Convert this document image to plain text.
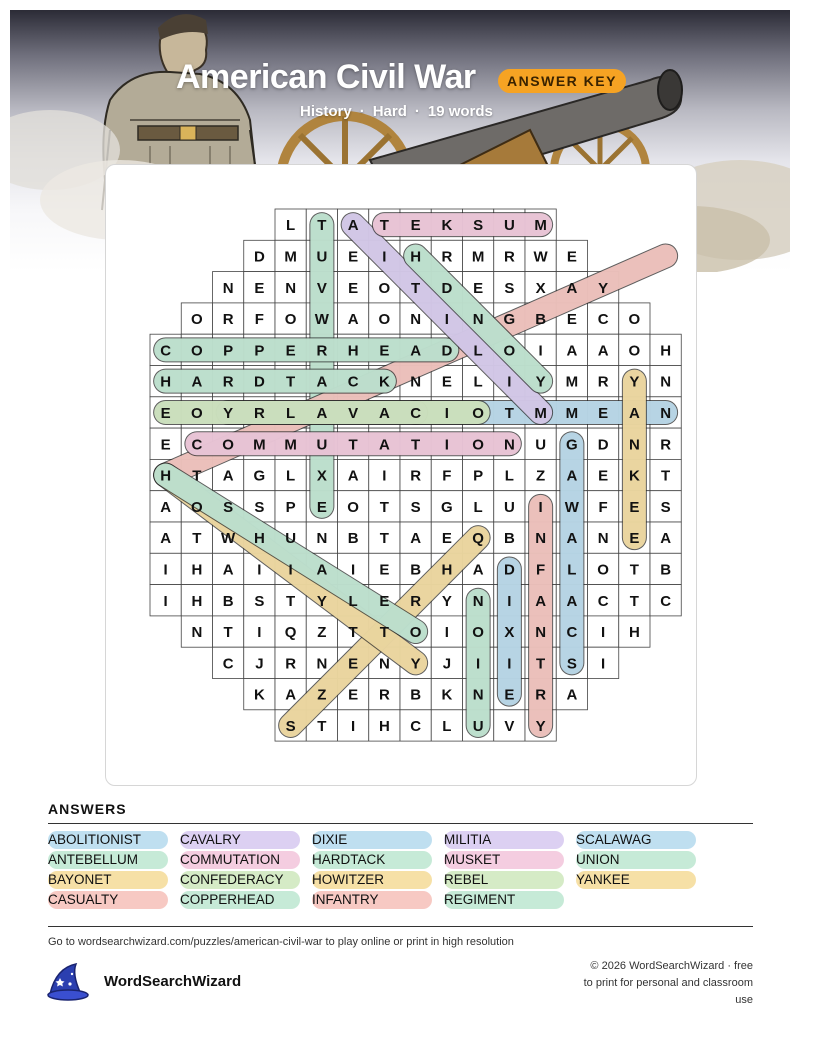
American Civil War	ANSWER KEY
History · Hard · 19 words
L T A T E K S U M
D M U E I H R M R W E
N E N V E O T D E S X A Y
O R F O W A O N I N G B E C O
C O P P E R H E A D L O I A A O H
H A R D T A C K N E L I Y M R Y N
E O Y R L A V A C I O T M M E A N
E C O M M U T A T I O N U G D N R
H T A G L X A I R F P L Z A E K T
A O S S P E O T S G L U I W F E S
A T W H U N B T A E Q B N A N E A
I H A I I A I E B H A D F L O T B
I H B S T Y L E R Y N I A A C T C
N T I Q Z T T O I O X N C I H
C J R N E N Y J I I T S I
K A Z E R B K N E R A
S T I H C L U V Y
ANSWERS
ABOLITIONIST
ANTEBELLUM
BAYONET
CASUALTY
CAVALRY
COMMUTATION
CONFEDERACY
COPPERHEAD
DIXIE
HARDTACK
HOWITZER
INFANTRY
MILITIA
MUSKET
REBEL
REGIMENT
SCALAWAG
UNION
YANKEE
Go to wordsearchwizard.com/puzzles/american-civil-war to play online or print in high resolution
WordSearchWizard
© 2026 WordSearchWizard · free to print for personal and classroom use
